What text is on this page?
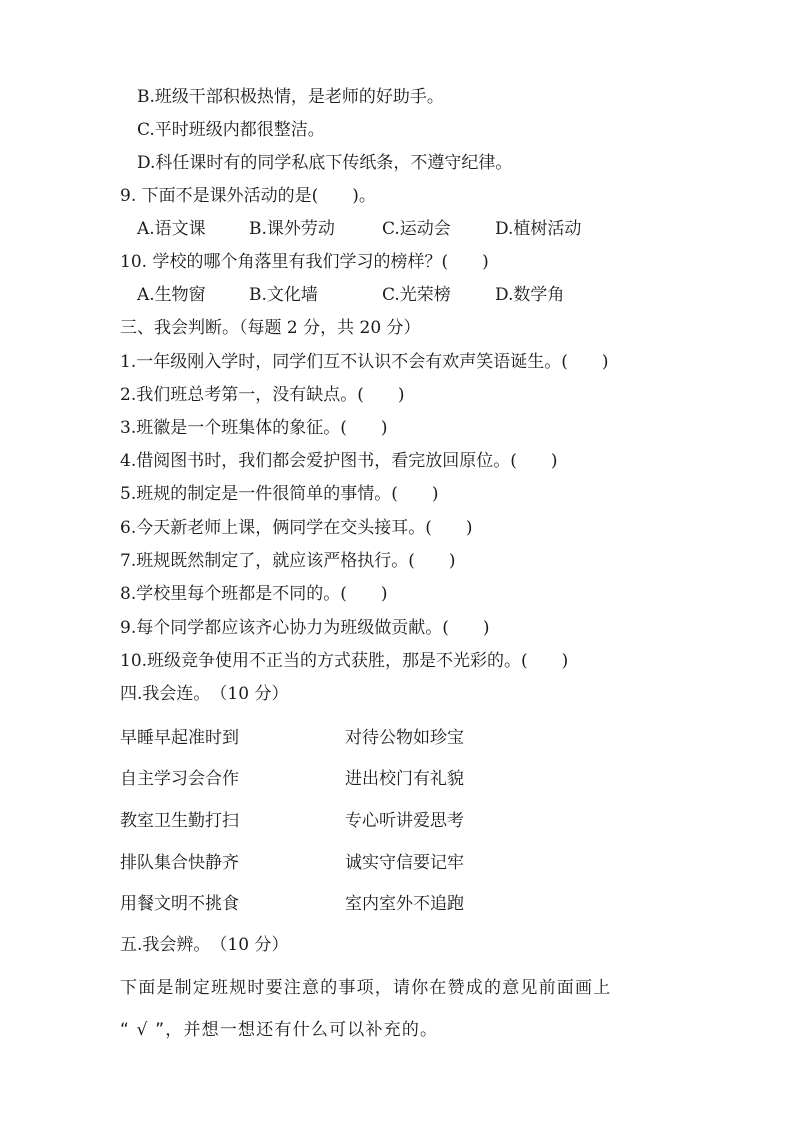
B.班级干部积极热情，是老师的好助手。
C.平时班级内都很整洁。
D.科任课时有的同学私底下传纸条，不遵守纪律。
9. 下面不是课外活动的是(　　)。
A.语文课	B.课外劳动	C.运动会	D.植树活动
10. 学校的哪个角落里有我们学习的榜样？(　　)
A.生物窗	B.文化墙	C.光荣榜	D.数学角
三、我会判断。（每题 2 分，共 20 分）
1.一年级刚入学时，同学们互不认识不会有欢声笑语诞生。(　　)
2.我们班总考第一，没有缺点。(　　)
3.班徽是一个班集体的象征。(　　)
4.借阅图书时，我们都会爱护图书，看完放回原位。(　　)
5.班规的制定是一件很简单的事情。(　　)
6.今天新老师上课，俩同学在交头接耳。(　　)
7.班规既然制定了，就应该严格执行。(　　)
8.学校里每个班都是不同的。(　　)
9.每个同学都应该齐心协力为班级做贡献。(　　)
10.班级竞争使用不正当的方式获胜，那是不光彩的。(　　)
四.我会连。　（10 分）
早睡早起准时到	对待公物如珍宝
自主学习会合作	进出校门有礼貌
教室卫生勤打扫	专心听讲爱思考
排队集合快静齐	诚实守信要记牢
用餐文明不挑食	室内室外不追跑
五.我会辨。　（10 分）
下面是制定班规时要注意的事项，请你在赞成的意见前面画上
“ √ ”，并想一想还有什么可以补充的。
